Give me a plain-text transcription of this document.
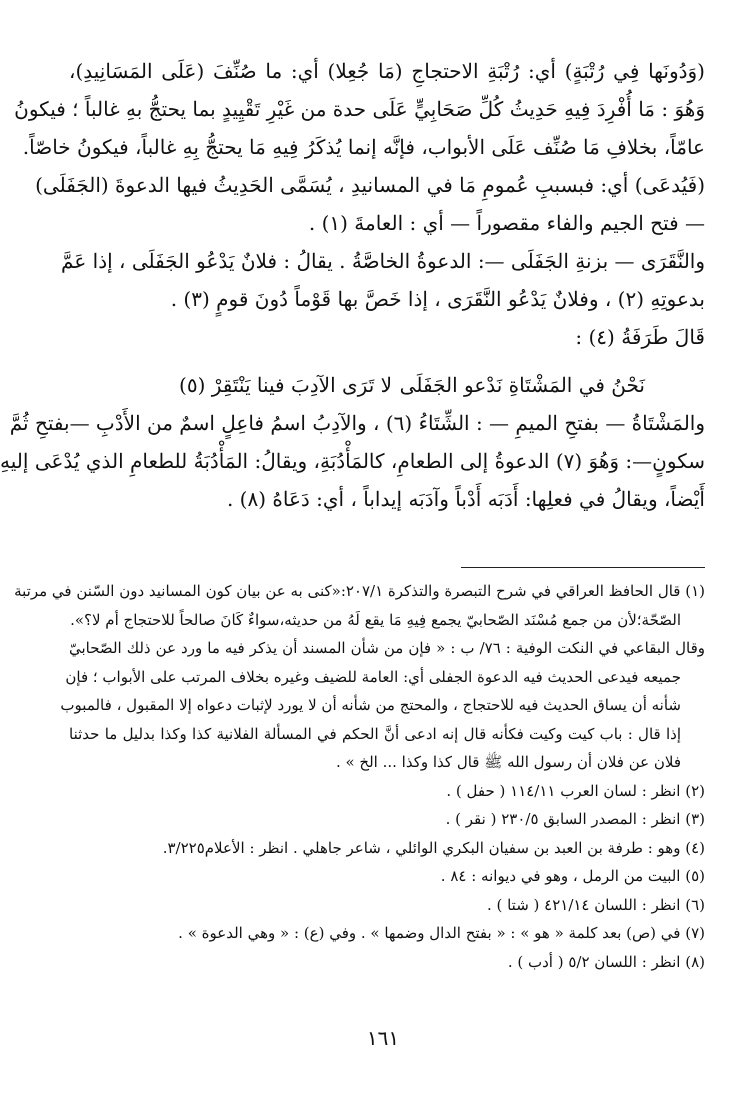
(وَدُونَها فِي رُتْبَةٍ) أي: رُتْبَةِ الاحتجاجِ (مَا جُعِلا) أي: ما صُنِّفَ (عَلَى المَسَانِيدِ)،
وَهُوَ : مَا أُفْرِدَ فِيهِ حَدِيثُ كُلِّ صَحَابِيٍّ عَلَى حدة من غَيْرِ تَقْيِيدٍ بما يحتجُّ بهِ غالباً ؛ فيكونُ
عامّاً، بخلافِ مَا صُنِّف عَلَى الأبواب، فإنَّه إنما يُذكَرُ فِيهِ مَا يحتجُّ بِهِ غالباً، فيكونُ خاصّاً.
(فَيُدعَى) أي: فبسببِ عُمومِ مَا في المسانيدِ ، يُسَمَّى الحَدِيثُ فيها الدعوةَ (الجَفَلَى)
— فتح الجيم والفاء مقصوراً — أي : العامةَ (١) .
والنَّقَرَى — بزنةِ الجَفَلَى —: الدعوةُ الخاصَّةُ . يقالُ : فلانٌ يَدْعُو الجَفَلَى ، إذا عَمَّ
بدعوتِهِ (٢) ، وفلانٌ يَدْعُو النَّقَرَى ، إذا خَصَّ بها قَوْماً دُونَ قومٍ (٣) .
قَالَ طَرَفَةُ (٤) :
نَحْنُ في المَشْتَاةِ نَدْعو الجَفَلَى
لا تَرَى الآدِبَ فينا يَنْتَقِرْ (٥)
والمَشْتَاةُ — بفتحِ الميمِ — : الشِّتَاءُ (٦) ، والآدِبُ اسمُ فاعِلٍ اسمٌ من الأَدْبِ —بفتحِ ثُمَّ
سكونٍ—: وَهُوَ (٧) الدعوةُ إلى الطعامِ، كالمَأْدُبَةِ، ويقالُ: المَأْدُبَةُ للطعامِ الذي يُدْعَى إليهِ
أَيْضاً، ويقالُ في فعلِها: أَدَبَه أَدْباً وآدَبَه إيداباً ، أي: دَعَاهُ (٨) .
(١) قال الحافظ العراقي في شرح التبصرة والتذكرة ٢٠٧/١:«كنى به عن بيان كون المسانيد دون السّنن في مرتبة
الصّحّة؛لأن من جمع مُسْنَد الصّحابيّ يجمع فِيهِ مَا يقع لَهُ من حديثه،سواءٌ كَانَ صالحاً للاحتجاج أم لا؟».
وقال البقاعي في النكت الوفية : ٧٦/ ب : « فإن من شأن المسند أن يذكر فيه ما ورد عن ذلك الصّحابيّ
جميعه فيدعى الحديث فيه الدعوة الجفلى أي: العامة للضيف وغيره بخلاف المرتب على الأبواب ؛ فإن
شأنه أن يساق الحديث فيه للاحتجاج ، والمحتج من شأنه أن لا يورد لإثبات دعواه إلا المقبول ، فالمبوب
إذا قال : باب كيت وكيت فكأنه قال إنه ادعى أنَّ الحكم في المسألة الفلانية كذا وكذا بدليل ما حدثنا
فلان عن فلان أن رسول الله ﷺ قال كذا وكذا ... الخ » .
(٢) انظر : لسان العرب ١١٤/١١ ( حفل ) .
(٣) انظر : المصدر السابق ٢٣٠/٥ ( نقر ) .
(٤) وهو : طرفة بن العبد بن سفيان البكري الوائلي ، شاعر جاهلي . انظر : الأعلام٣/٢٢٥.
(٥) البيت من الرمل ، وهو في ديوانه : ٨٤ .
(٦) انظر : اللسان ٤٢١/١٤ ( شتا ) .
(٧) في (ص) بعد كلمة « هو » : « بفتح الدال وضمها » . وفي (ع) : « وهي الدعوة » .
(٨) انظر : اللسان ٥/٢ ( أدب ) .
١٦١
